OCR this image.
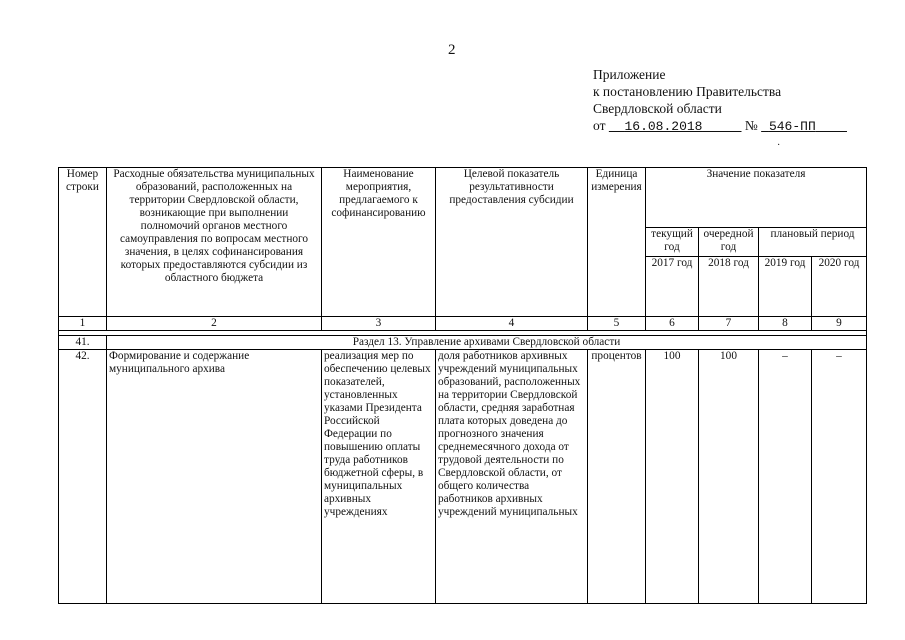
2
Приложение
к постановлению Правительства
Свердловской области
от 16.08.2018	№ 546-ПП
·
Номер строки	Расходные обязательства муниципальных образований, расположенных на территории Свердловской области, возникающие при выполнении полномочий органов местного самоуправления по вопросам местного значения, в целях софинансирования которых предоставляются субсидии из областного бюджета	Наименование мероприятия, предлагаемого к софинансированию	Целевой показатель результативности предоставления субсидии	Единица измерения	Значение показателя			
					текущий год	очередной год	плановый период	
					2017 год	2018 год	2019 год	2020 год
1	2	3	4	5	6	7	8	9

41.	Раздел 13. Управление архивами Свердловской области							
42.	Формирование и содержание муниципального архива	реализация мер по обеспечению целевых показателей, установленных указами Президента Российской Федерации по повышению оплаты труда работников бюджетной сферы, в муниципальных архивных учреждениях	доля работников архивных учреждений муниципальных образований, расположенных на территории Свердловской области, средняя заработная плата которых доведена до прогнозного значения среднемесячного дохода от трудовой деятельности по Свердловской области, от общего количества работников архивных учреждений муниципальных	процентов	100	100	–	–
